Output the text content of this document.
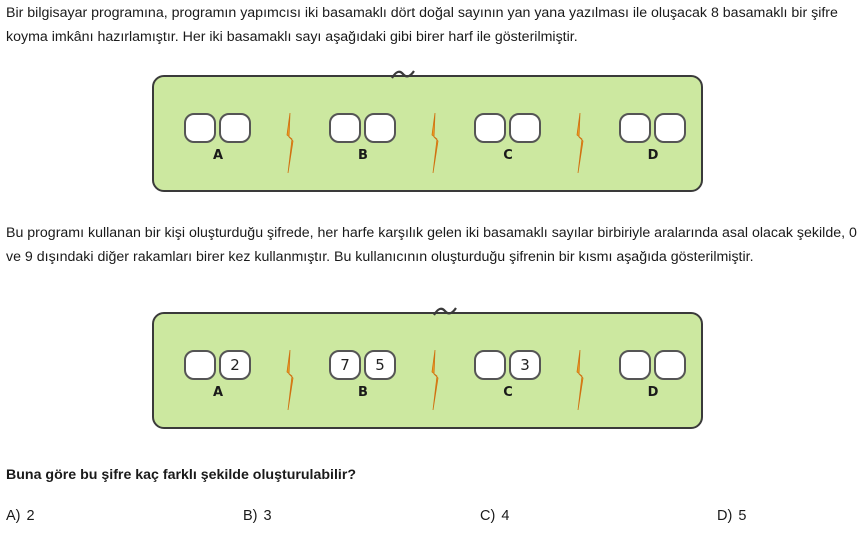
Bir bilgisayar programına, programın yapımcısı iki basamaklı dört doğal sayının yan yana yazılması ile oluşacak 8 basamaklı bir şifre koyma imkânı hazırlamıştır. Her iki basamaklı sayı aşağıdaki gibi birer harf ile gösterilmiştir.

A	B	C	D

Bu programı kullanan bir kişi oluşturduğu şifrede, her harfe karşılık gelen iki basamaklı sayılar birbiriyle aralarında asal olacak şekilde, 0 ve 9 dışındaki diğer rakamları birer kez kullanmıştır. Bu kullanıcının oluşturduğu şifrenin bir kısmı aşağıda gösterilmiştir.

2
A
7	5
B
3
C	D

Buna göre bu şifre kaç farklı şekilde oluşturulabilir?

A) 2	B) 3	C) 4	D) 5
